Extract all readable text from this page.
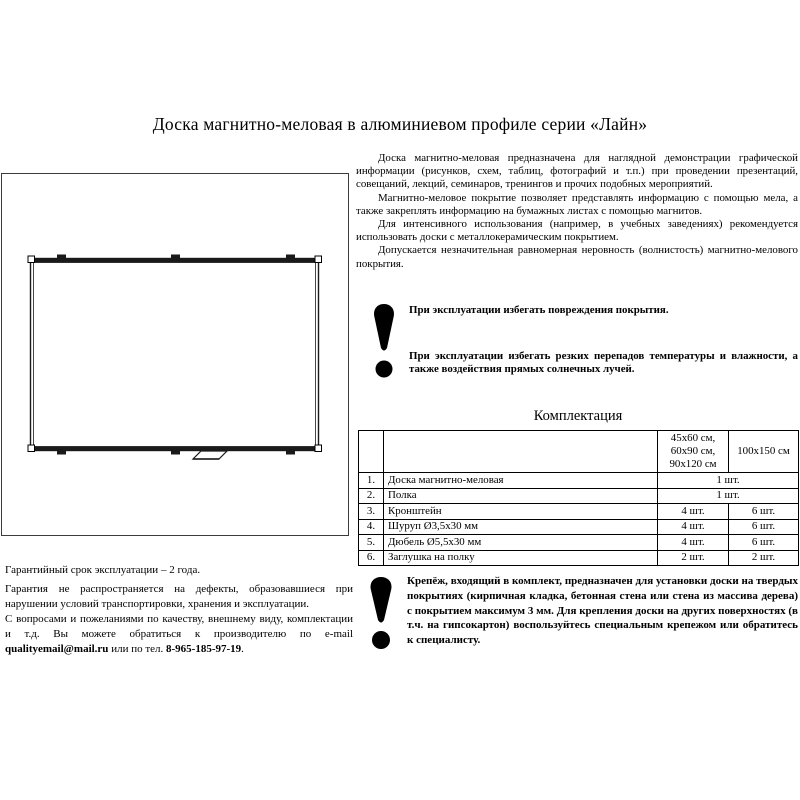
Доска магнитно-меловая в алюминиевом профиле серии «Лайн»

Доска магнитно-меловая предназначена для наглядной демонстрации графической информации (рисунков, схем, таблиц, фотографий и т.п.) при проведении презентаций, совещаний, лекций, семинаров, тренингов и прочих подобных мероприятий.

Магнитно-меловое покрытие позволяет представлять информацию с помощью мела, а также закреплять информацию на бумажных листах с помощью магнитов.

Для интенсивного использования (например, в учебных заведениях) рекомендуется использовать доски с металлокерамическим покрытием.

Допускается незначительная равномерная неровность (волнистость) магнитно-мелового покрытия.

При эксплуатации избегать повреждения покрытия.
При эксплуатации избегать резких перепадов температуры и влажности, а также воздействия прямых солнечных лучей.
Комплектация
		45x60 см, 60x90 см, 90x120 см	100x150 см
1.	Доска магнитно-меловая	1 шт.	
2.	Полка	1 шт.	
3.	Кронштейн	4 шт.	6 шт.
4.	Шуруп Ø3,5x30 мм	4 шт.	6 шт.
5.	Дюбель Ø5,5x30 мм	4 шт.	6 шт.
6.	Заглушка на полку	2 шт.	2 шт.

Гарантийный срок эксплуатации – 2 года.

Гарантия не распространяется на дефекты, образовавшиеся при нарушении условий транспортировки, хранения и эксплуатации.

С вопросами и пожеланиями по качеству, внешнему виду, комплектации и т.д. Вы можете обратиться к производителю по e-mail qualityemail@mail.ru или по тел. 8-965-185-97-19.

Крепёж, входящий в комплект, предназначен для установки доски на твердых покрытиях (кирпичная кладка, бетонная стена или стена из массива дерева) с покрытием максимум 3 мм. Для крепления доски на других поверхностях (в т.ч. на гипсокартон) воспользуйтесь специальным крепежом или обратитесь к специалисту.
